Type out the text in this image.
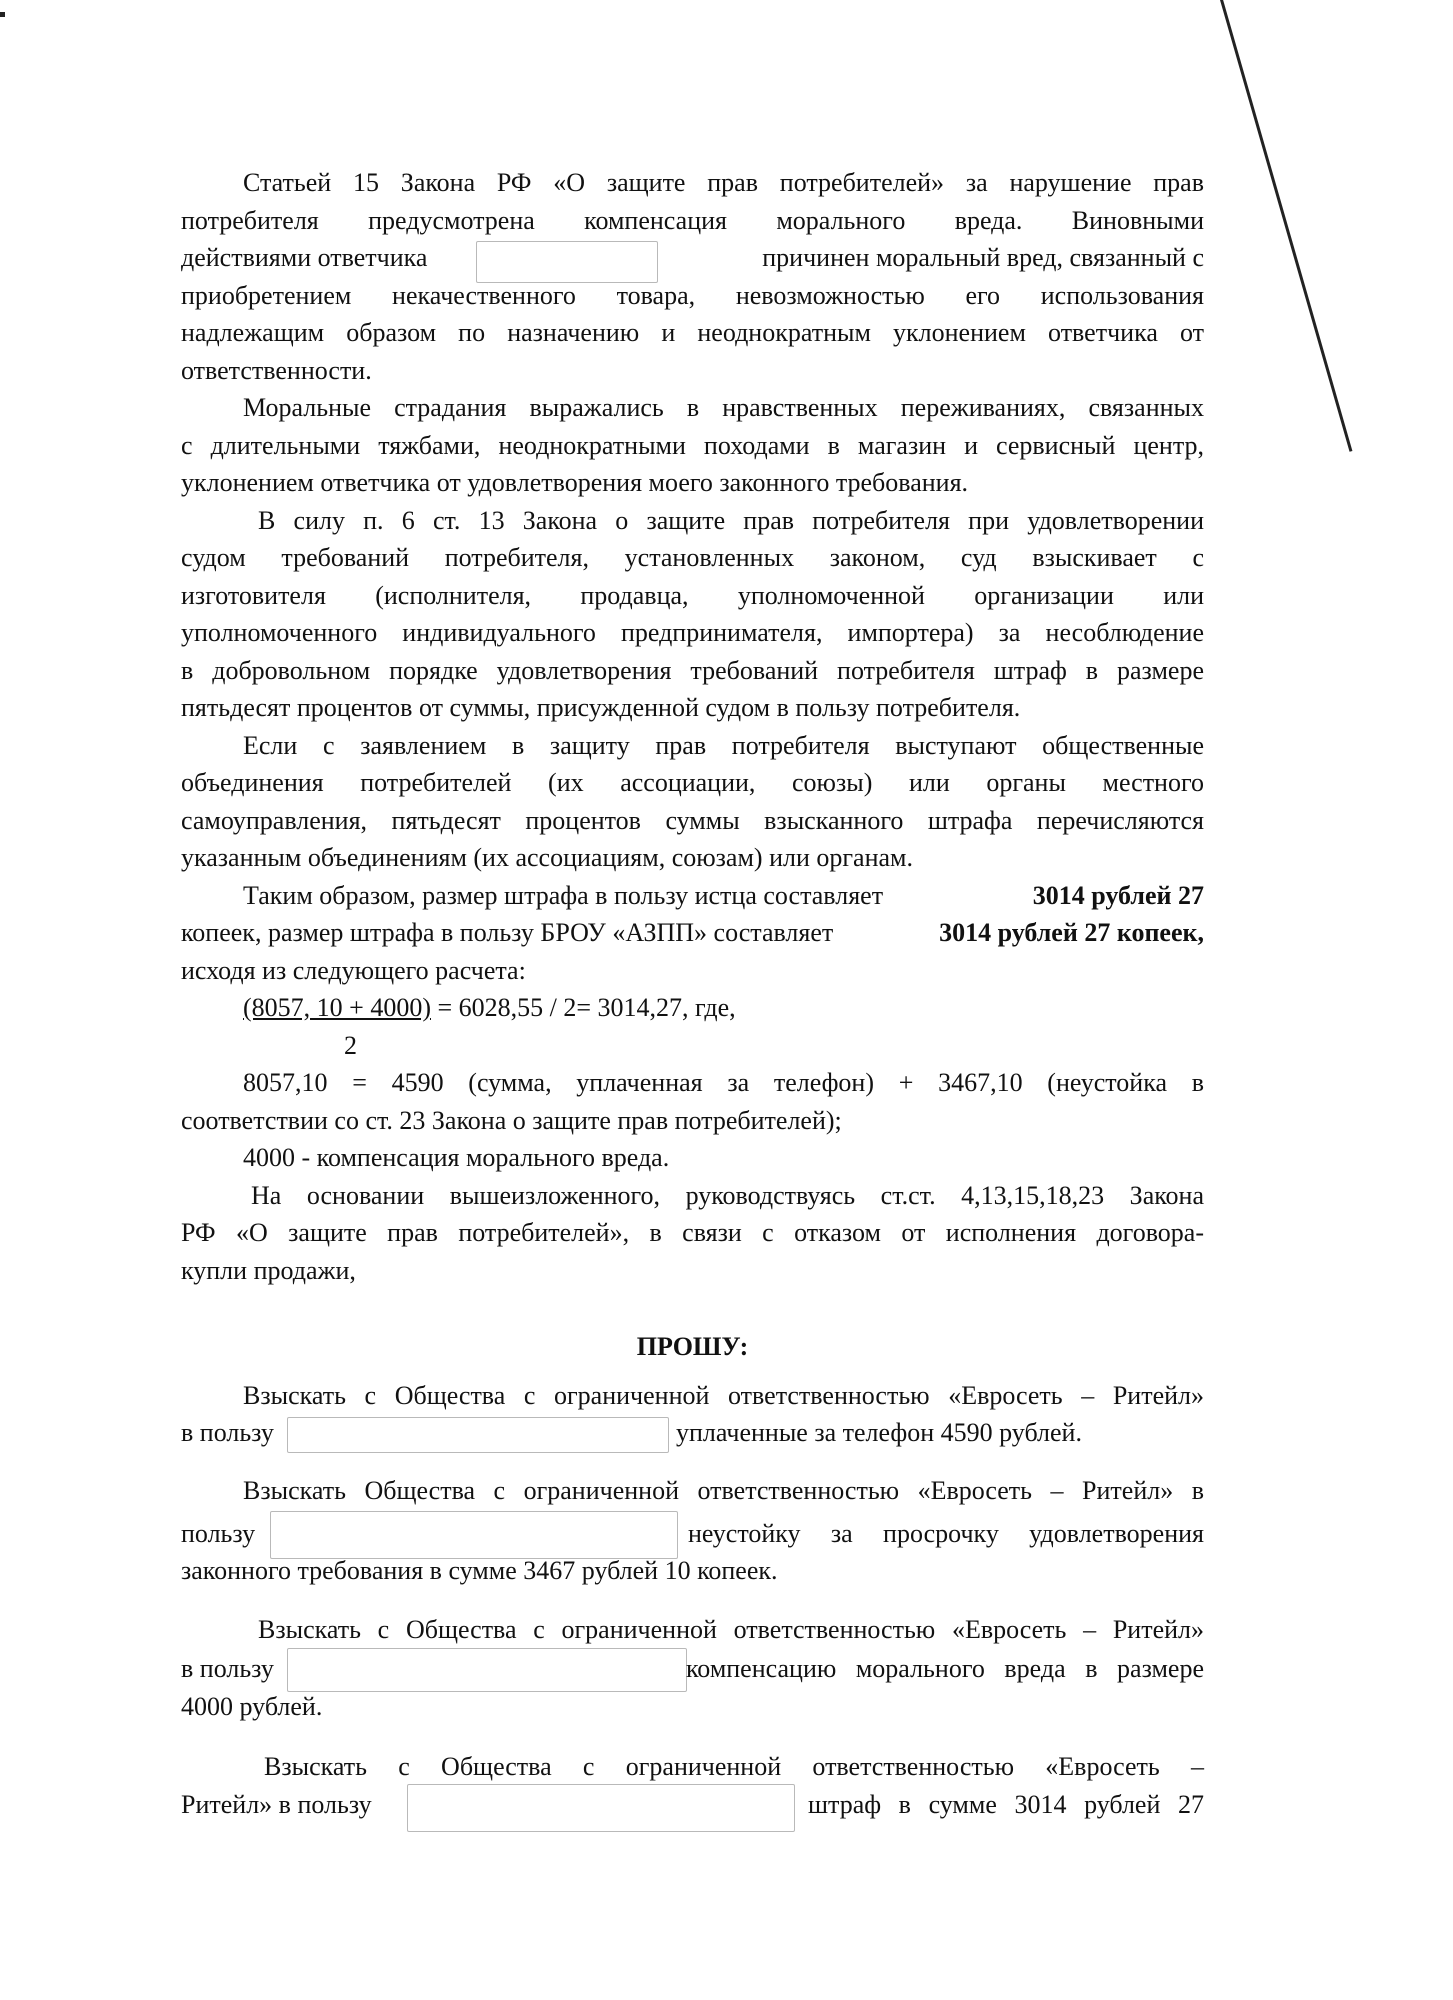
Статьей 15 Закона РФ «О защите прав потребителей» за нарушение прав
потребителя предусмотрена компенсация морального вреда. Виновными
действиями ответчика	причинен моральный вред, связанный с
приобретением некачественного товара, невозможностью его использования
надлежащим образом по назначению и неоднократным уклонением ответчика от
ответственности.
Моральные страдания выражались в нравственных переживаниях, связанных
с длительными тяжбами, неоднократными походами в магазин и сервисный центр,
уклонением ответчика от удовлетворения моего законного требования.
В силу п. 6 ст. 13 Закона о защите прав потребителя при удовлетворении
судом требований потребителя, установленных законом, суд взыскивает с
изготовителя (исполнителя, продавца, уполномоченной организации или
уполномоченного индивидуального предпринимателя, импортера) за несоблюдение
в добровольном порядке удовлетворения требований потребителя штраф в размере
пятьдесят процентов от суммы, присужденной судом в пользу потребителя.
Если с заявлением в защиту прав потребителя выступают общественные
объединения потребителей (их ассоциации, союзы) или органы местного
самоуправления, пятьдесят процентов суммы взысканного штрафа перечисляются
указанным объединениям (их ассоциациям, союзам) или органам.
Таким образом, размер штрафа в пользу истца составляет	3014 рублей 27
копеек, размер штрафа в пользу БРОУ «АЗПП» составляет	3014 рублей 27 копеек,
исходя из следующего расчета:
(8057, 10 + 4000) = 6028,55 / 2= 3014,27, где,
2
8057,10 = 4590 (сумма, уплаченная за телефон) + 3467,10 (неустойка в
соответствии со ст. 23 Закона о защите прав потребителей);
4000 - компенсация морального вреда.
На основании вышеизложенного, руководствуясь ст.ст. 4,13,15,18,23 Закона
РФ «О защите прав потребителей», в связи с отказом от исполнения договора-
купли продажи,
ПРОШУ:
Взыскать с Общества с ограниченной ответственностью «Евросеть – Ритейл»
в пользу	уплаченные за телефон 4590 рублей.
Взыскать Общества с ограниченной ответственностью «Евросеть – Ритейл» в
пользу	неустойку за просрочку удовлетворения
законного требования в сумме 3467 рублей 10 копеек.
Взыскать с Общества с ограниченной ответственностью «Евросеть – Ритейл»
в пользу	компенсацию морального вреда в размере
4000 рублей.
Взыскать с Общества с ограниченной ответственностью «Евросеть –
Ритейл» в пользу	штраф в сумме 3014 рублей 27
